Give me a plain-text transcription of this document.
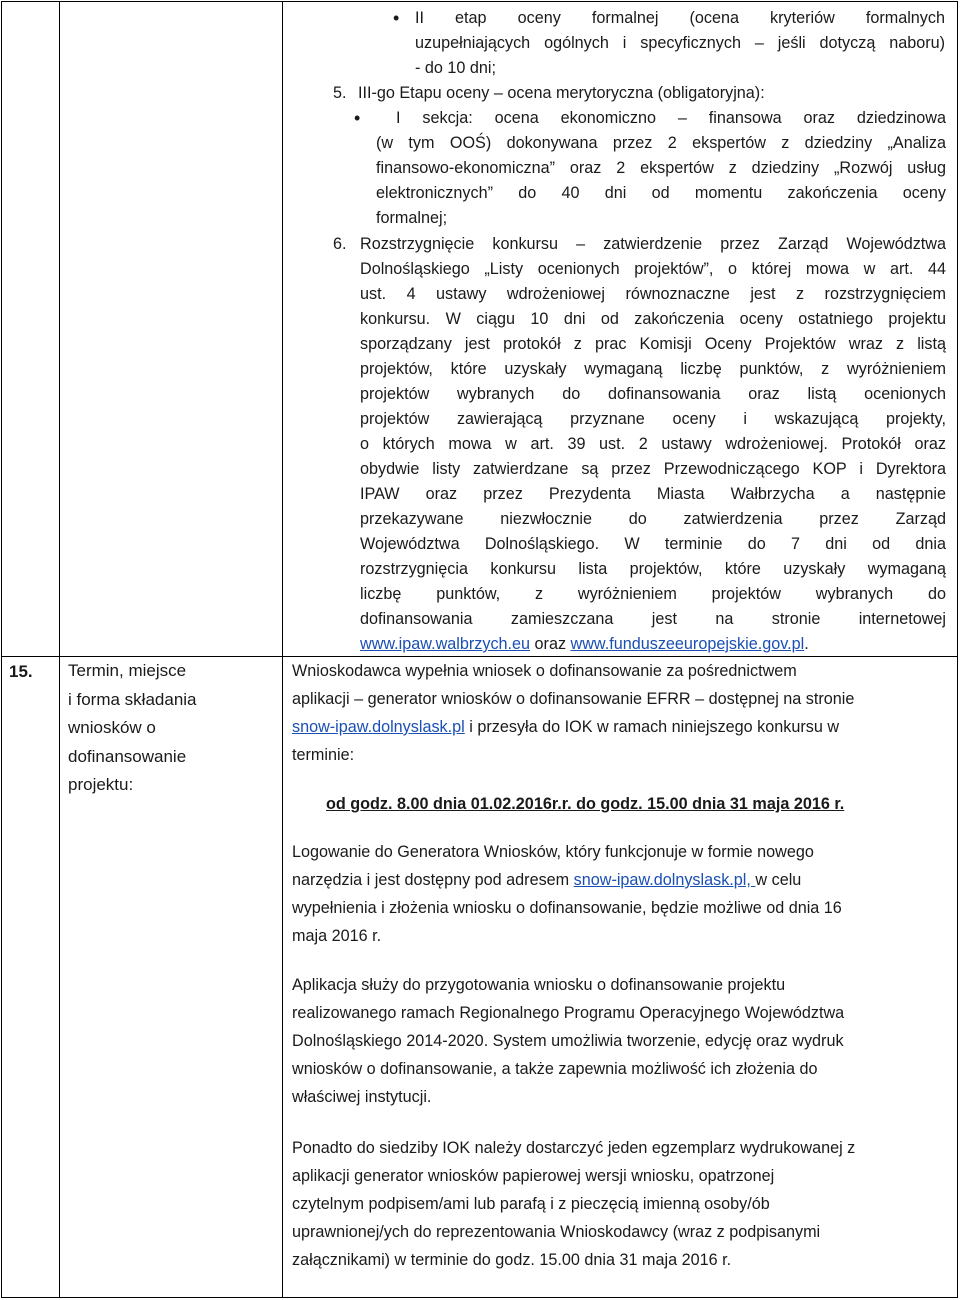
• II etap oceny formalnej (ocena kryteriów formalnych
uzupełniających ogólnych i specyficznych – jeśli dotyczą naboru)
- do 10 dni;
5. III-go Etapu oceny – ocena merytoryczna (obligatoryjna):
• I sekcja: ocena ekonomiczno – finansowa oraz dziedzinowa
(w tym OOŚ) dokonywana przez 2 ekspertów z dziedziny „Analiza
finansowo-ekonomiczna” oraz 2 ekspertów z dziedziny „Rozwój usług
elektronicznych” do 40 dni od momentu zakończenia oceny
formalnej;
6. Rozstrzygnięcie konkursu – zatwierdzenie przez Zarząd Województwa
Dolnośląskiego „Listy ocenionych projektów”, o której mowa w art. 44
ust. 4 ustawy wdrożeniowej równoznaczne jest z rozstrzygnięciem
konkursu. W ciągu 10 dni od zakończenia oceny ostatniego projektu
sporządzany jest protokół z prac Komisji Oceny Projektów wraz z listą
projektów, które uzyskały wymaganą liczbę punktów, z wyróżnieniem
projektów wybranych do dofinansowania oraz listą ocenionych
projektów zawierającą przyznane oceny i wskazującą projekty,
o których mowa w art. 39 ust. 2 ustawy wdrożeniowej. Protokół oraz
obydwie listy zatwierdzane są przez Przewodniczącego KOP i Dyrektora
IPAW oraz przez Prezydenta Miasta Wałbrzycha a następnie
przekazywane niezwłocznie do zatwierdzenia przez Zarząd
Województwa Dolnośląskiego. W terminie do 7 dni od dnia
rozstrzygnięcia konkursu lista projektów, które uzyskały wymaganą
liczbę punktów, z wyróżnieniem projektów wybranych do
dofinansowania zamieszczana jest na stronie internetowej
www.ipaw.walbrzych.eu oraz www.funduszeeuropejskie.gov.pl.
15. Termin, miejsce
i forma składania
wniosków o
dofinansowanie
projektu:
Wnioskodawca wypełnia wniosek o dofinansowanie za pośrednictwem
aplikacji – generator wniosków o dofinansowanie EFRR – dostępnej na stronie
snow-ipaw.dolnyslask.pl i przesyła do IOK w ramach niniejszego konkursu w
terminie:
od godz. 8.00 dnia 01.02.2016r.r. do godz. 15.00 dnia 31 maja 2016 r.
Logowanie do Generatora Wniosków, który funkcjonuje w formie nowego
narzędzia i jest dostępny pod adresem snow-ipaw.dolnyslask.pl, w celu
wypełnienia i złożenia wniosku o dofinansowanie, będzie możliwe od dnia 16
maja 2016 r.
Aplikacja służy do przygotowania wniosku o dofinansowanie projektu
realizowanego ramach Regionalnego Programu Operacyjnego Województwa
Dolnośląskiego 2014-2020. System umożliwia tworzenie, edycję oraz wydruk
wniosków o dofinansowanie, a także zapewnia możliwość ich złożenia do
właściwej instytucji.
Ponadto do siedziby IOK należy dostarczyć jeden egzemplarz wydrukowanej z
aplikacji generator wniosków papierowej wersji wniosku, opatrzonej
czytelnym podpisem/ami lub parafą i z pieczęcią imienną osoby/ób
uprawnionej/ych do reprezentowania Wnioskodawcy (wraz z podpisanymi
załącznikami) w terminie do godz. 15.00 dnia 31 maja 2016 r.
